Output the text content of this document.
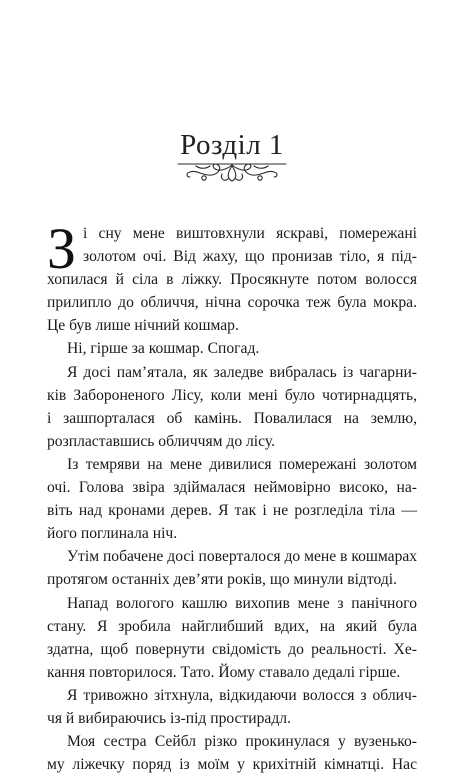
Розділ 1
З і сну мене виштовхнули яскраві, помережані
золотом очі. Від жаху, що пронизав тіло, я під-
хопилася й сіла в ліжку. Просякнуте потом волосся
прилипло до обличчя, нічна сорочка теж була мокра.
Це був лише нічний кошмар.
Ні, гірше за кошмар. Спогад.
Я досі пам’ятала, як заледве вибралась із чагарни-
ків Забороненого Лісу, коли мені було чотирнадцять,
і зашпорталася об камінь. Повалилася на землю,
розпластавшись обличчям до лісу.
Із темряви на мене дивилися помережані золотом
очі. Голова звіра здіймалася неймовірно високо, на-
віть над кронами дерев. Я так і не розгледіла тіла —
його поглинала ніч.
Утім побачене досі поверталося до мене в кошмарах
протягом останніх дев’яти років, що минули відтоді.
Напад вологого кашлю вихопив мене з панічного
стану. Я зробила найглибший вдих, на який була
здатна, щоб повернути свідомість до реальності. Хе-
кання повторилося. Тато. Йому ставало дедалі гірше.
Я тривожно зітхнула, відкидаючи волосся з облич-
чя й вибираючись із-під простирадл.
Моя сестра Сейбл різко прокинулася у вузенько-
му ліжечку поряд із моїм у крихітній кімнатці. Нас
